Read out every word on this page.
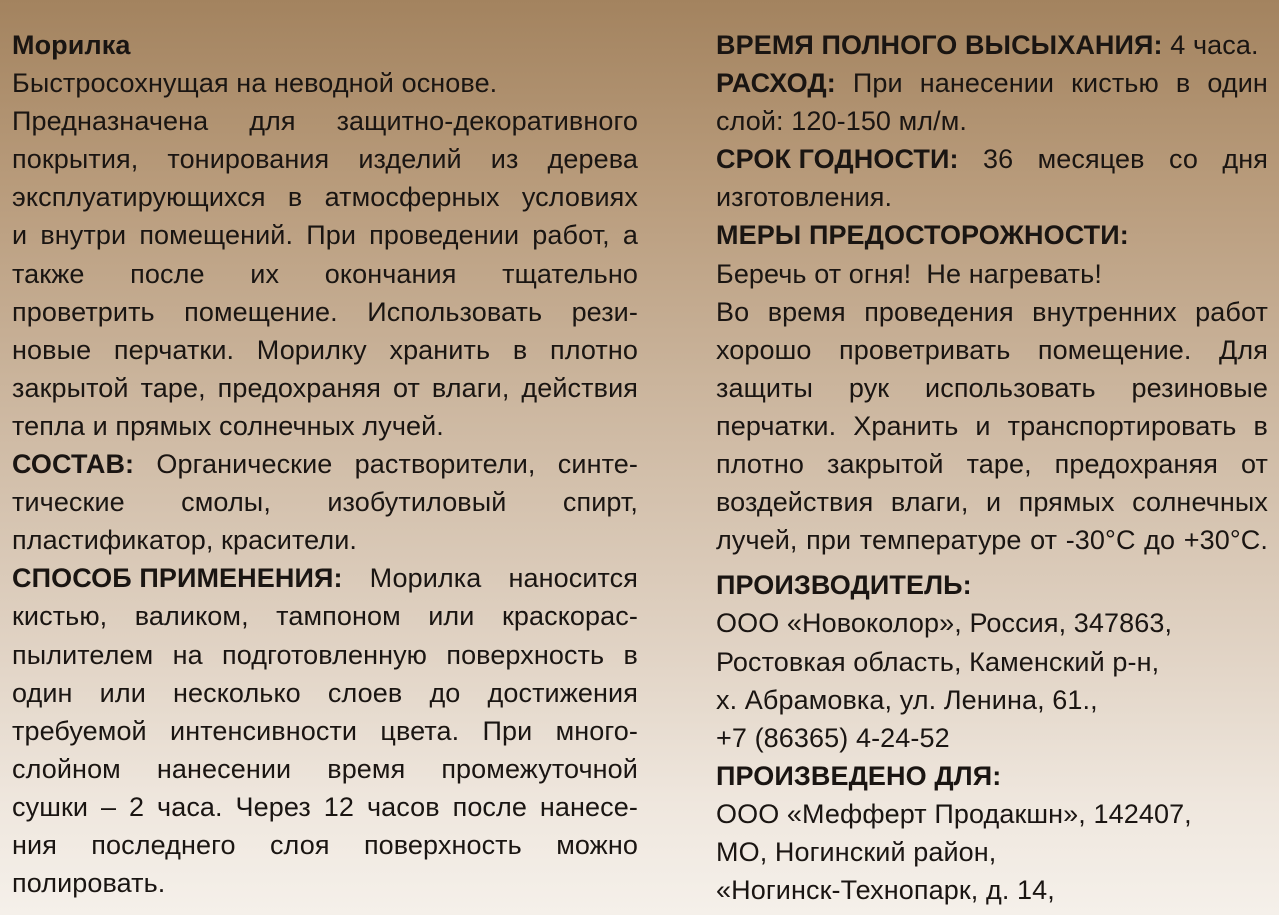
Морилка
Быстросохнущая на неводной основе.
Предназначена для защитно-декоративного
покрытия, тонирования изделий из дерева
эксплуатирующихся в атмосферных условиях
и внутри помещений. При проведении работ, а
также после их окончания тщательно
проветрить помещение. Использовать рези-
новые перчатки. Морилку хранить в плотно
закрытой таре, предохраняя от влаги, действия
тепла и прямых солнечных лучей.
СОСТАВ: Органические растворители, синте-
тические смолы, изобутиловый спирт,
пластификатор, красители.
СПОСОБ ПРИМЕНЕНИЯ: Морилка наносится
кистью, валиком, тампоном или краскорас-
пылителем на подготовленную поверхность в
один или несколько слоев до достижения
требуемой интенсивности цвета. При много-
слойном нанесении время промежуточной
сушки – 2 часа. Через 12 часов после нанесе-
ния последнего слоя поверхность можно
полировать.
ВРЕМЯ ПОЛНОГО ВЫСЫХАНИЯ: 4 часа.
РАСХОД: При нанесении кистью в один
слой: 120-150 мл/м.
СРОК ГОДНОСТИ: 36 месяцев со дня
изготовления.
МЕРЫ ПРЕДОСТОРОЖНОСТИ:
Беречь от огня!  Не нагревать!
Во время проведения внутренних работ
хорошо проветривать помещение. Для
защиты рук использовать резиновые
перчатки. Хранить и транспортировать в
плотно закрытой таре, предохраняя от
воздействия влаги, и прямых солнечных
лучей, при температуре от -30°С до +30°С.
ПРОИЗВОДИТЕЛЬ:
ООО «Новоколор», Россия, 347863,
Ростовкая область, Каменский р-н,
х. Абрамовка, ул. Ленина, 61.,
+7 (86365) 4-24-52
ПРОИЗВЕДЕНО ДЛЯ:
ООО «Мефферт Продакшн», 142407,
МО, Ногинский район,
«Ногинск-Технопарк, д. 14,
